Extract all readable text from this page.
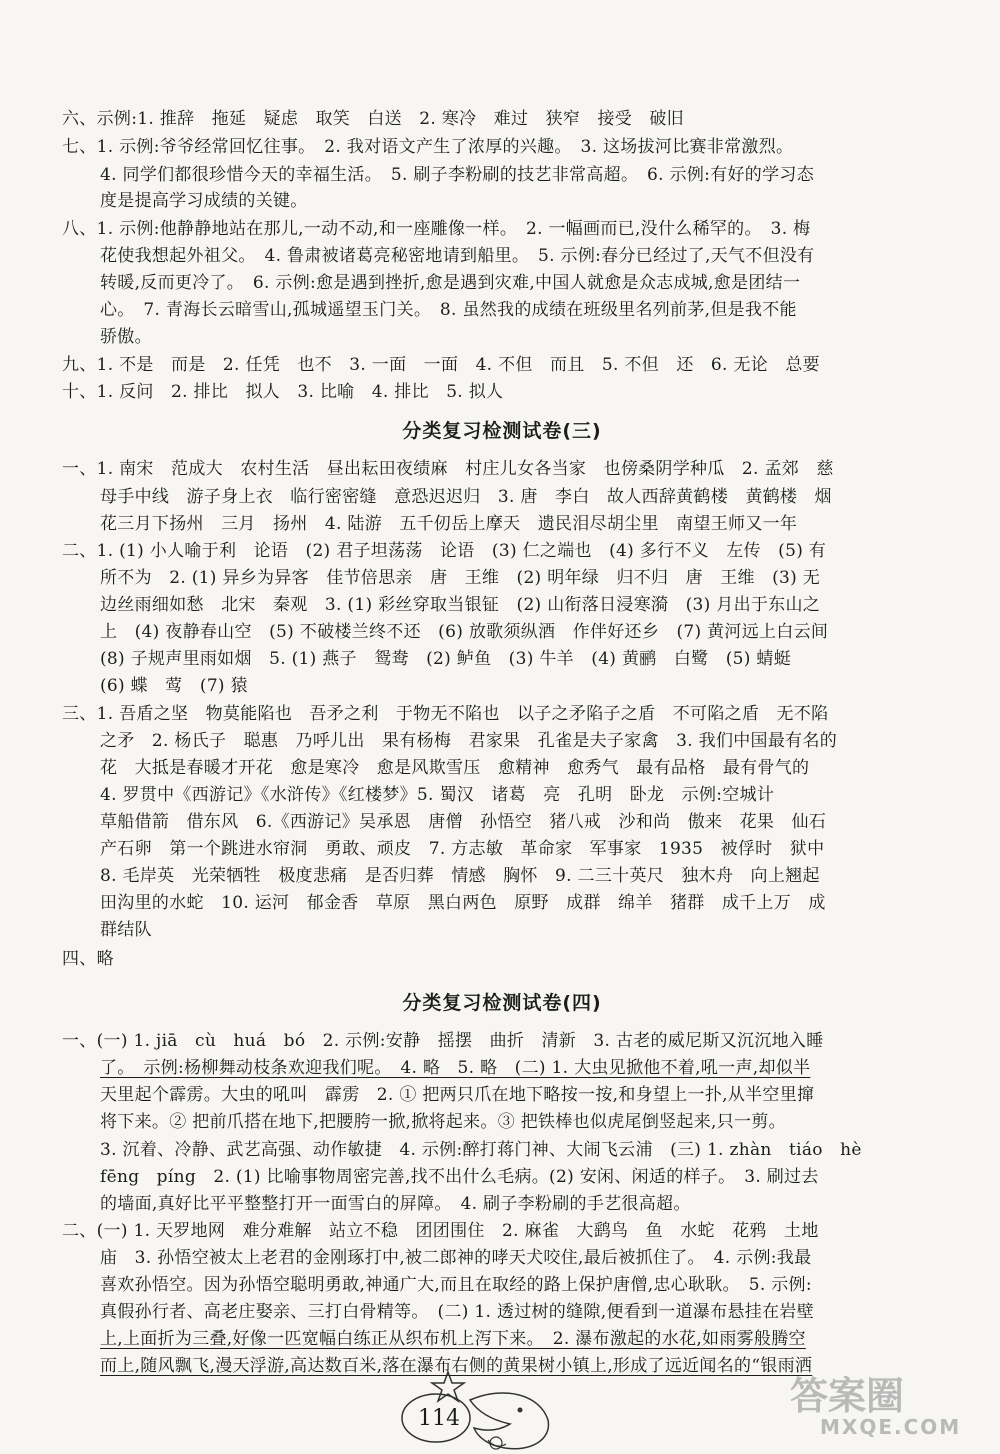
六、示例:1. 推辞　拖延　疑虑　取笑　白送　2. 寒冷　难过　狭窄　接受　破旧
七、1. 示例:爷爷经常回忆往事。　2. 我对语文产生了浓厚的兴趣。　3. 这场拔河比赛非常激烈。
4. 同学们都很珍惜今天的幸福生活。　5. 刷子李粉刷的技艺非常高超。　6. 示例:有好的学习态
度是提高学习成绩的关键。
八、1. 示例:他静静地站在那儿,一动不动,和一座雕像一样。　2. 一幅画而已,没什么稀罕的。　3. 梅
花使我想起外祖父。　4. 鲁肃被诸葛亮秘密地请到船里。　5. 示例:春分已经过了,天气不但没有
转暖,反而更冷了。　6. 示例:愈是遇到挫折,愈是遇到灾难,中国人就愈是众志成城,愈是团结一
心。　7. 青海长云暗雪山,孤城遥望玉门关。　8. 虽然我的成绩在班级里名列前茅,但是我不能
骄傲。
九、1. 不是　而是　2. 任凭　也不　3. 一面　一面　4. 不但　而且　5. 不但　还　6. 无论　总要
十、1. 反问　2. 排比　拟人　3. 比喻　4. 排比　5. 拟人
分类复习检测试卷(三)
一、1. 南宋　范成大　农村生活　昼出耘田夜绩麻　村庄儿女各当家　也傍桑阴学种瓜　2. 孟郊　慈
母手中线　游子身上衣　临行密密缝　意恐迟迟归　3. 唐　李白　故人西辞黄鹤楼　黄鹤楼　烟
花三月下扬州　三月　扬州　4. 陆游　五千仞岳上摩天　遗民泪尽胡尘里　南望王师又一年
二、1. (1) 小人喻于利　论语　(2) 君子坦荡荡　论语　(3) 仁之端也　(4) 多行不义　左传　(5) 有
所不为　2. (1) 异乡为异客　佳节倍思亲　唐　王维　(2) 明年绿　归不归　唐　王维　(3) 无
边丝雨细如愁　北宋　秦观　3. (1) 彩丝穿取当银钲　(2) 山衔落日浸寒漪　(3) 月出于东山之
上　(4) 夜静春山空　(5) 不破楼兰终不还　(6) 放歌须纵酒　作伴好还乡　(7) 黄河远上白云间
(8) 子规声里雨如烟　5. (1) 燕子　鸳鸯　(2) 鲈鱼　(3) 牛羊　(4) 黄鹂　白鹭　(5) 蜻蜓
(6) 蝶　莺　(7) 猿
三、1. 吾盾之坚　物莫能陷也　吾矛之利　于物无不陷也　以子之矛陷子之盾　不可陷之盾　无不陷
之矛　2. 杨氏子　聪惠　乃呼儿出　果有杨梅　君家果　孔雀是夫子家禽　3. 我们中国最有名的
花　大抵是春暖才开花　愈是寒冷　愈是风欺雪压　愈精神　愈秀气　最有品格　最有骨气的
4. 罗贯中《西游记》《水浒传》《红楼梦》5. 蜀汉　诸葛　亮　孔明　卧龙　示例:空城计
草船借箭　借东风　6.《西游记》吴承恩　唐僧　孙悟空　猪八戒　沙和尚　傲来　花果　仙石
产石卵　第一个跳进水帘洞　勇敢、顽皮　7. 方志敏　革命家　军事家　1935　被俘时　狱中
8. 毛岸英　光荣牺牲　极度悲痛　是否归葬　情感　胸怀　9. 二三十英尺　独木舟　向上翘起
田沟里的水蛇　10. 运河　郁金香　草原　黑白两色　原野　成群　绵羊　猪群　成千上万　成
群结队
四、略
分类复习检测试卷(四)
一、(一) 1. jiā　cù　huá　bó　2. 示例:安静　摇摆　曲折　清新　3. 古老的威尼斯又沉沉地入睡
了。　示例:杨柳舞动枝条欢迎我们呢。　4. 略　5. 略　(二) 1. 大虫见掀他不着,吼一声,却似半
天里起个霹雳。大虫的吼叫　霹雳　2. ① 把两只爪在地下略按一按,和身望上一扑,从半空里撺
将下来。② 把前爪搭在地下,把腰胯一掀,掀将起来。③ 把铁棒也似虎尾倒竖起来,只一剪。
3. 沉着、冷静、武艺高强、动作敏捷　4. 示例:醉打蒋门神、大闹飞云浦　(三) 1. zhàn　tiáo　hè
fēng　píng　2. (1) 比喻事物周密完善,找不出什么毛病。(2) 安闲、闲适的样子。　3. 刷过去
的墙面,真好比平平整整打开一面雪白的屏障。　4. 刷子李粉刷的手艺很高超。
二、(一) 1. 天罗地网　难分难解　站立不稳　团团围住　2. 麻雀　大鹞鸟　鱼　水蛇　花鸦　土地
庙　3. 孙悟空被太上老君的金刚琢打中,被二郎神的哮天犬咬住,最后被抓住了。　4. 示例:我最
喜欢孙悟空。因为孙悟空聪明勇敢,神通广大,而且在取经的路上保护唐僧,忠心耿耿。　5. 示例:
真假孙行者、高老庄娶亲、三打白骨精等。　(二) 1. 透过树的缝隙,便看到一道瀑布悬挂在岩壁
上,上面折为三叠,好像一匹宽幅白练正从织布机上泻下来。　2. 瀑布激起的水花,如雨雾般腾空
而上,随风飘飞,漫天浮游,高达数百米,落在瀑布右侧的黄果树小镇上,形成了远近闻名的“银雨洒
114
答案圈
MXQE.COM
